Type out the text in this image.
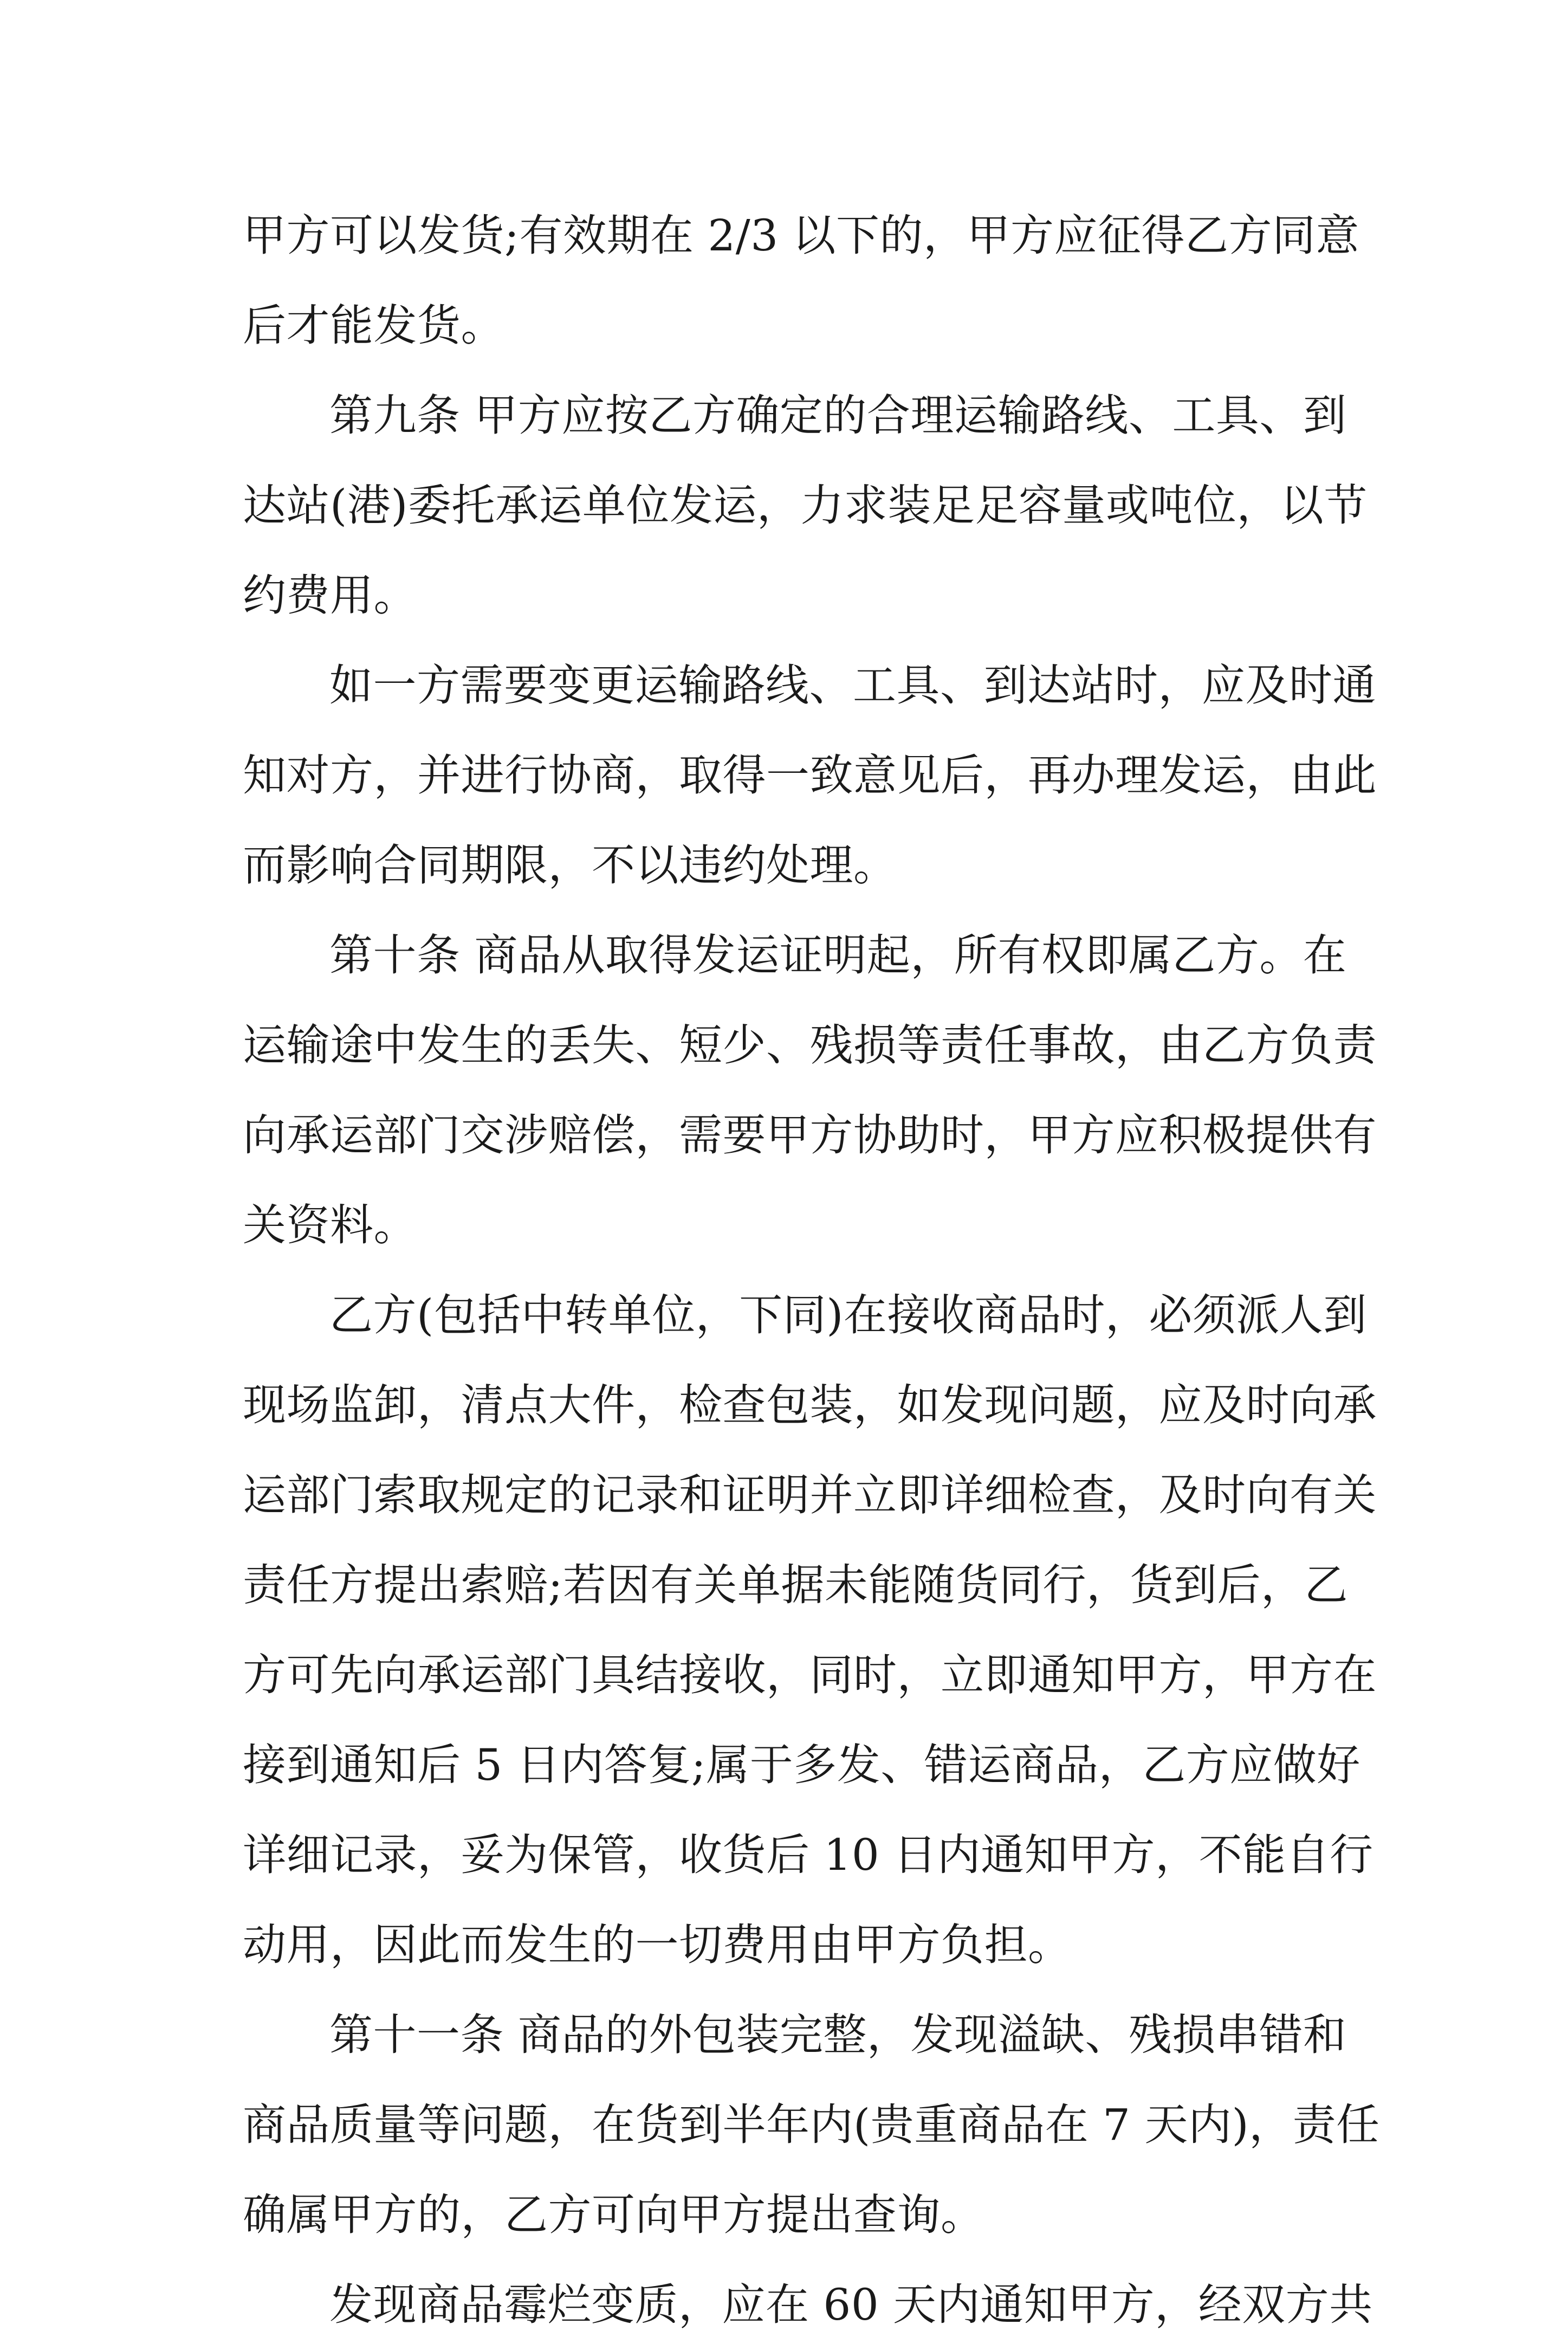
甲方可以发货;有效期在 2/3 以下的，甲方应征得乙方同意
后才能发货。
第九条 甲方应按乙方确定的合理运输路线、工具、到
达站(港)委托承运单位发运，力求装足足容量或吨位，以节
约费用。
如一方需要变更运输路线、工具、到达站时，应及时通
知对方，并进行协商，取得一致意见后，再办理发运，由此
而影响合同期限，不以违约处理。
第十条 商品从取得发运证明起，所有权即属乙方。在
运输途中发生的丢失、短少、残损等责任事故，由乙方负责
向承运部门交涉赔偿，需要甲方协助时，甲方应积极提供有
关资料。
乙方(包括中转单位，下同)在接收商品时，必须派人到
现场监卸，清点大件，检查包装，如发现问题，应及时向承
运部门索取规定的记录和证明并立即详细检查，及时向有关
责任方提出索赔;若因有关单据未能随货同行，货到后，乙
方可先向承运部门具结接收，同时，立即通知甲方，甲方在
接到通知后 5 日内答复;属于多发、错运商品，乙方应做好
详细记录，妥为保管，收货后 10 日内通知甲方，不能自行
动用，因此而发生的一切费用由甲方负担。
第十一条 商品的外包装完整，发现溢缺、残损串错和
商品质量等问题，在货到半年内(贵重商品在 7 天内)，责任
确属甲方的，乙方可向甲方提出查询。
发现商品霉烂变质，应在 60 天内通知甲方，经双方共
